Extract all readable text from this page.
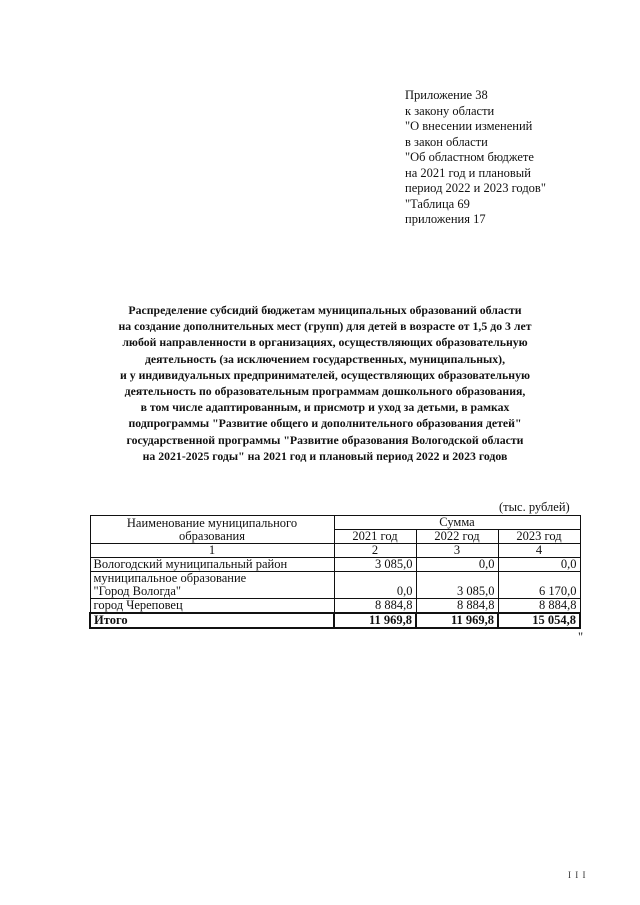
Приложение 38
к закону области
"О внесении изменений
в закон области
"Об областном бюджете
на 2021 год и плановый
период 2022 и 2023 годов"
"Таблица 69
приложения 17
Распределение субсидий бюджетам муниципальных образований области
на создание дополнительных мест (групп) для детей в возрасте от 1,5 до 3 лет
любой направленности в организациях, осуществляющих образовательную
деятельность (за исключением государственных, муниципальных),
и у индивидуальных предпринимателей, осуществляющих образовательную
деятельность по образовательным программам дошкольного образования,
в том числе адаптированным, и присмотр и уход за детьми, в рамках
подпрограммы "Развитие общего и дополнительного образования детей"
государственной программы "Развитие образования Вологодской области
на 2021-2025 годы" на 2021 год и плановый период 2022 и 2023 годов
(тыс. рублей)
Наименование муниципального
образования	Сумма		
	2021 год	2022 год	2023 год
1	2	3	4

Вологодский муниципальный район	3 085,0	0,0	0,0

муниципальное образование
"Город Вологда"	0,0	3 085,0	6 170,0

город Череповец	8 884,8	8 884,8	8 884,8
Итого	11 969,8	11 969,8	15 054,8
"
I I I
